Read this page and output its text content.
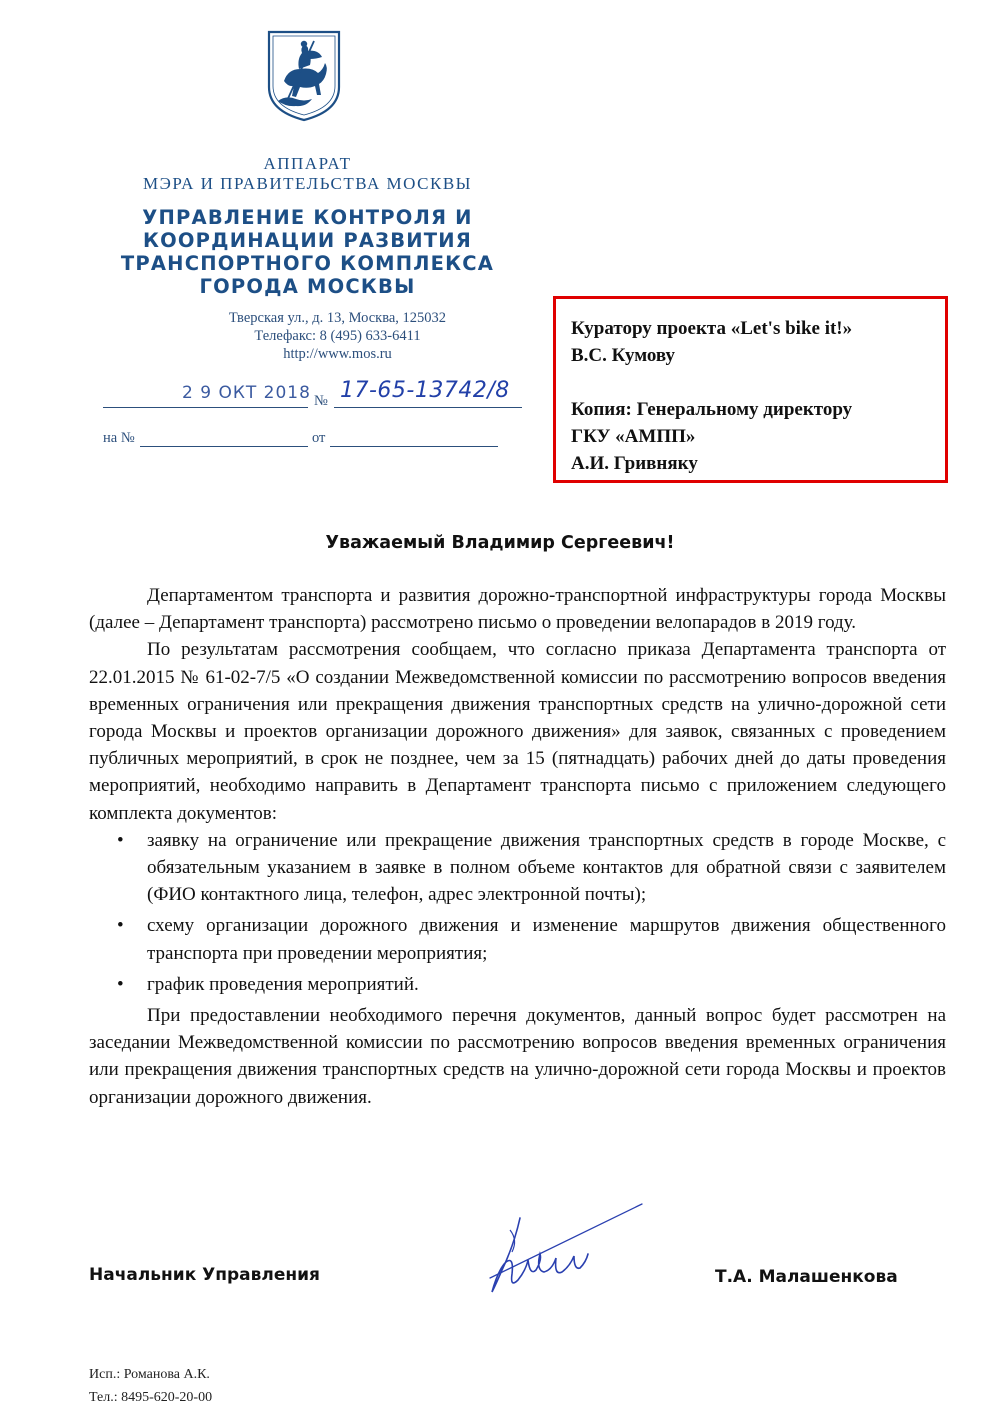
АППАРАТ
МЭРА И ПРАВИТЕЛЬСТВА МОСКВЫ
УПРАВЛЕНИЕ КОНТРОЛЯ И
КООРДИНАЦИИ РАЗВИТИЯ
ТРАНСПОРТНОГО КОМПЛЕКСА
ГОРОДА МОСКВЫ
Тверская ул., д. 13, Москва, 125032
Телефакс: 8 (495) 633-6411
http://www.mos.ru
2 9 ОКТ 2018 № 17-65-13742/8
на №	от
Куратору проекта «Let's bike it!»
В.С. Кумову
Копия: Генеральному директору
ГКУ «АМПП»
А.И. Гривняку
Уважаемый Владимир Сергеевич!

Департаментом транспорта и развития дорожно-транспортной инфраструктуры города Москвы (далее – Департамент транспорта) рассмотрено письмо о проведении велопарадов в 2019 году.

По результатам рассмотрения сообщаем, что согласно приказа Департамента транспорта от 22.01.2015 № 61-02-7/5 «О создании Межведомственной комиссии по рассмотрению вопросов введения временных ограничения или прекращения движения транспортных средств на улично-дорожной сети города Москвы и проектов организации дорожного движения» для заявок, связанных с проведением публичных мероприятий, в срок не позднее, чем за 15 (пятнадцать) рабочих дней до даты проведения мероприятий, необходимо направить в Департамент транспорта письмо с приложением следующего комплекта документов:

• заявку на ограничение или прекращение движения транспортных средств в городе Москве, с обязательным указанием в заявке в полном объеме контактов для обратной связи с заявителем (ФИО контактного лица, телефон, адрес электронной почты);
• схему организации дорожного движения и изменение маршрутов движения общественного транспорта при проведении мероприятия;
• график проведения мероприятий.

При предоставлении необходимого перечня документов, данный вопрос будет рассмотрен на заседании Межведомственной комиссии по рассмотрению вопросов введения временных ограничения или прекращения движения транспортных средств на улично-дорожной сети города Москвы и проектов организации дорожного движения.

Начальник Управления	Т.А. Малашенкова
Исп.: Романова А.К.
Тел.: 8495-620-20-00
